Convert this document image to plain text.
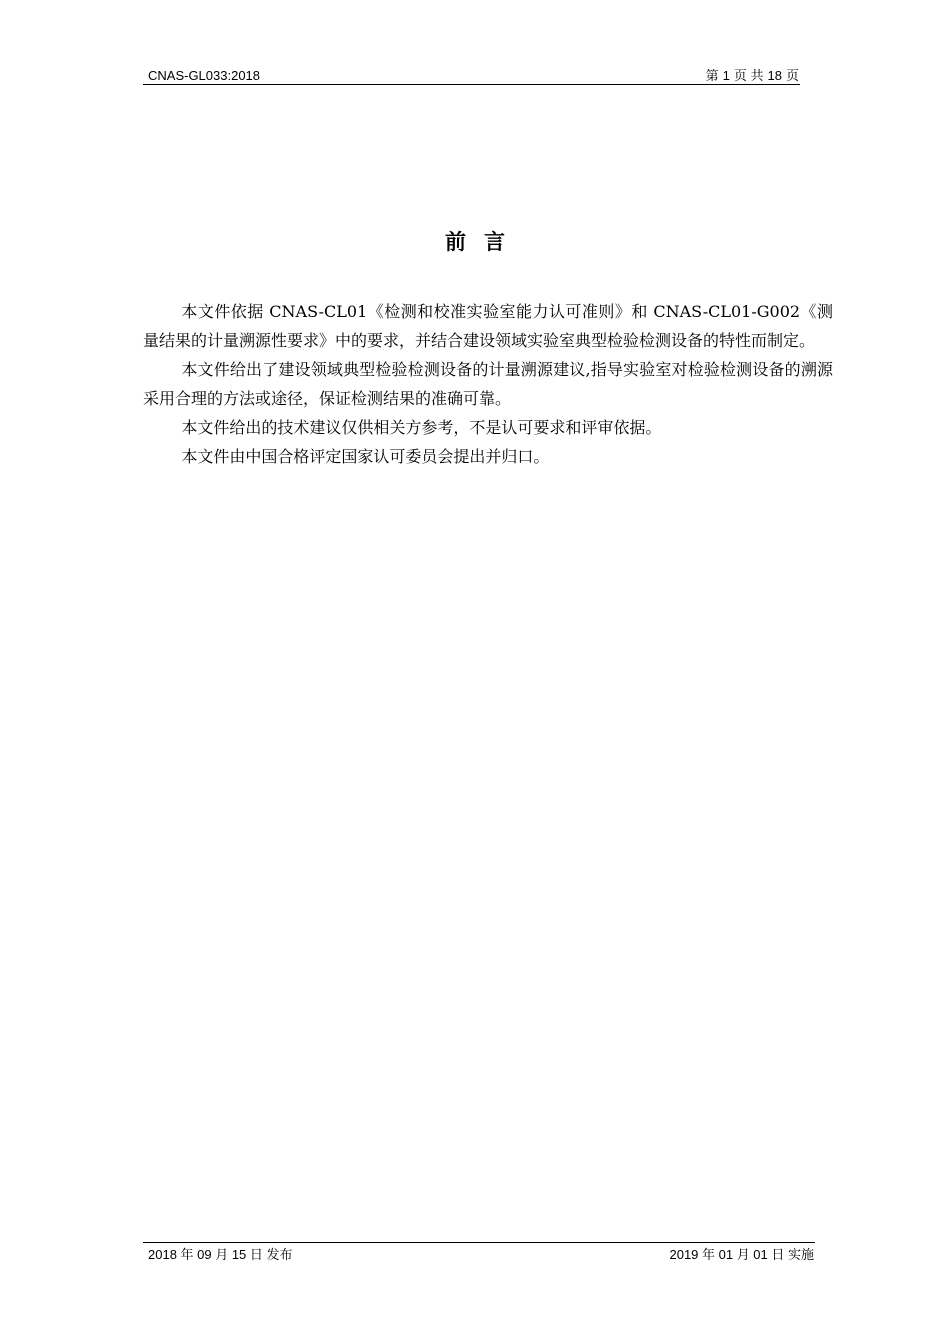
CNAS-GL033:2018	第 1 页 共 18 页
前 言

本文件依据 CNAS-CL01《检测和校准实验室能力认可准则》和 CNAS-CL01-G002《测量结果的计量溯源性要求》中的要求，并结合建设领域实验室典型检验检测设备的特性而制定。

本文件给出了建设领域典型检验检测设备的计量溯源建议,指导实验室对检验检测设备的溯源采用合理的方法或途径，保证检测结果的准确可靠。

本文件给出的技术建议仅供相关方参考，不是认可要求和评审依据。

本文件由中国合格评定国家认可委员会提出并归口。

2018 年 09 月 15 日 发布	2019 年 01 月 01 日 实施
